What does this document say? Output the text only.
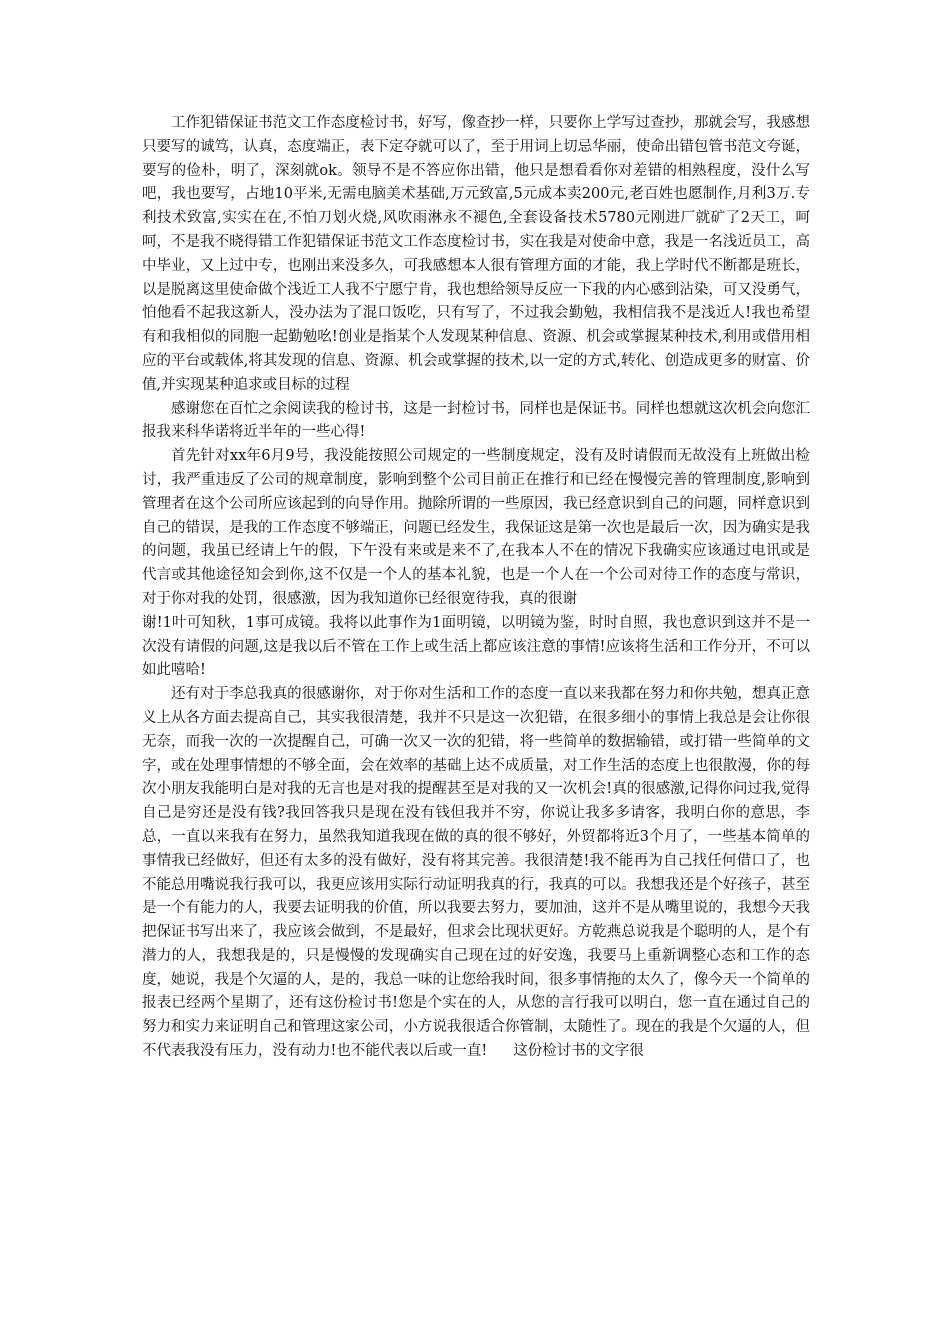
工作犯错保证书范文工作态度检讨书，好写，像查抄一样，只要你上学写过查抄，那就会写，我感想只要写的诚笃，认真，态度端正，表下定夺就可以了，至于用词上切忌华丽，使命出错包管书范文夸诞，要写的俭朴，明了，深刻就ok。领导不是不答应你出错，他只是想看看你对差错的相熟程度，没什么写吧，我也要写，占地10平米,无需电脑美术基础,万元致富,5元成本卖200元,老百姓也愿制作,月利3万.专利技术致富,实实在在,不怕刀划火烧,风吹雨淋永不褪色,全套设备技术5780元刚进厂就矿了2天工，呵呵，不是我不晓得错工作犯错保证书范文工作态度检讨书，实在我是对使命中意，我是一名浅近员工，高中毕业，又上过中专，也刚出来没多久，可我感想本人很有管理方面的才能，我上学时代不断都是班长，以是脱离这里使命做个浅近工人我不宁愿宁肯，我也想给领导反应一下我的内心感到沾染，可又没勇气，怕他看不起我这新人，没办法为了混口饭吃，只有写了，不过我会勤勉，我相信我不是浅近人!我也希望有和我相似的同胞一起勤勉吆!创业是指某个人发现某种信息、资源、机会或掌握某种技术,利用或借用相应的平台或载体,将其发现的信息、资源、机会或掌握的技术,以一定的方式,转化、创造成更多的财富、价值,并实现某种追求或目标的过程

感谢您在百忙之余阅读我的检讨书，这是一封检讨书，同样也是保证书。同样也想就这次机会向您汇报我来科华诺将近半年的一些心得!

首先针对xx年6月9号，我没能按照公司规定的一些制度规定，没有及时请假而无故没有上班做出检讨，我严重违反了公司的规章制度，影响到整个公司目前正在推行和已经在慢慢完善的管理制度,影响到管理者在这个公司所应该起到的向导作用。抛除所谓的一些原因，我已经意识到自己的问题，同样意识到自己的错误，是我的工作态度不够端正，问题已经发生，我保证这是第一次也是最后一次，因为确实是我的问题，我虽已经请上午的假，下午没有来或是来不了,在我本人不在的情况下我确实应该通过电讯或是代言或其他途径知会到你,这不仅是一个人的基本礼貌，也是一个人在一个公司对待工作的态度与常识，对于你对我的处罚，很感激，因为我知道你已经很宽待我，真的很谢

谢!1叶可知秋，1事可成镜。我将以此事作为1面明镜，以明镜为鉴，时时自照，我也意识到这并不是一次没有请假的问题,这是我以后不管在工作上或生活上都应该注意的事情!应该将生活和工作分开，不可以如此嘻哈!

还有对于李总我真的很感谢你，对于你对生活和工作的态度一直以来我都在努力和你共勉，想真正意义上从各方面去提高自己，其实我很清楚，我并不只是这一次犯错，在很多细小的事情上我总是会让你很无奈，而我一次的一次提醒自己，可确一次又一次的犯错，将一些简单的数据输错，或打错一些简单的文字，或在处理事情想的不够全面，会在效率的基础上达不成质量，对工作生活的态度上也很散漫，你的每次小朋友我能明白是对我的无言也是对我的提醒甚至是对我的又一次机会!真的很感激,记得你问过我,觉得自己是穷还是没有钱?我回答我只是现在没有钱但我并不穷，你说让我多多请客，我明白你的意思，李总，一直以来我有在努力，虽然我知道我现在做的真的很不够好，外贸都将近3个月了，一些基本简单的事情我已经做好，但还有太多的没有做好，没有将其完善。我很清楚!我不能再为自己找任何借口了，也不能总用嘴说我行我可以，我更应该用实际行动证明我真的行，我真的可以。我想我还是个好孩子，甚至是一个有能力的人，我要去证明我的价值，所以我要去努力，要加油，这并不是从嘴里说的，我想今天我把保证书写出来了，我应该会做到，不是最好，但求会比现状更好。方乾燕总说我是个聪明的人，是个有潜力的人，我想我是的，只是慢慢的发现确实自己现在过的好安逸，我要马上重新调整心态和工作的态度，她说，我是个欠逼的人，是的，我总一味的让您给我时间，很多事情拖的太久了，像今天一个简单的报表已经两个星期了，还有这份检讨书!您是个实在的人，从您的言行我可以明白，您一直在通过自己的努力和实力来证明自己和管理这家公司，小方说我很适合你管制，太随性了。现在的我是个欠逼的人，但不代表我没有压力，没有动力!也不能代表以后或一直! 这份检讨书的文字很
